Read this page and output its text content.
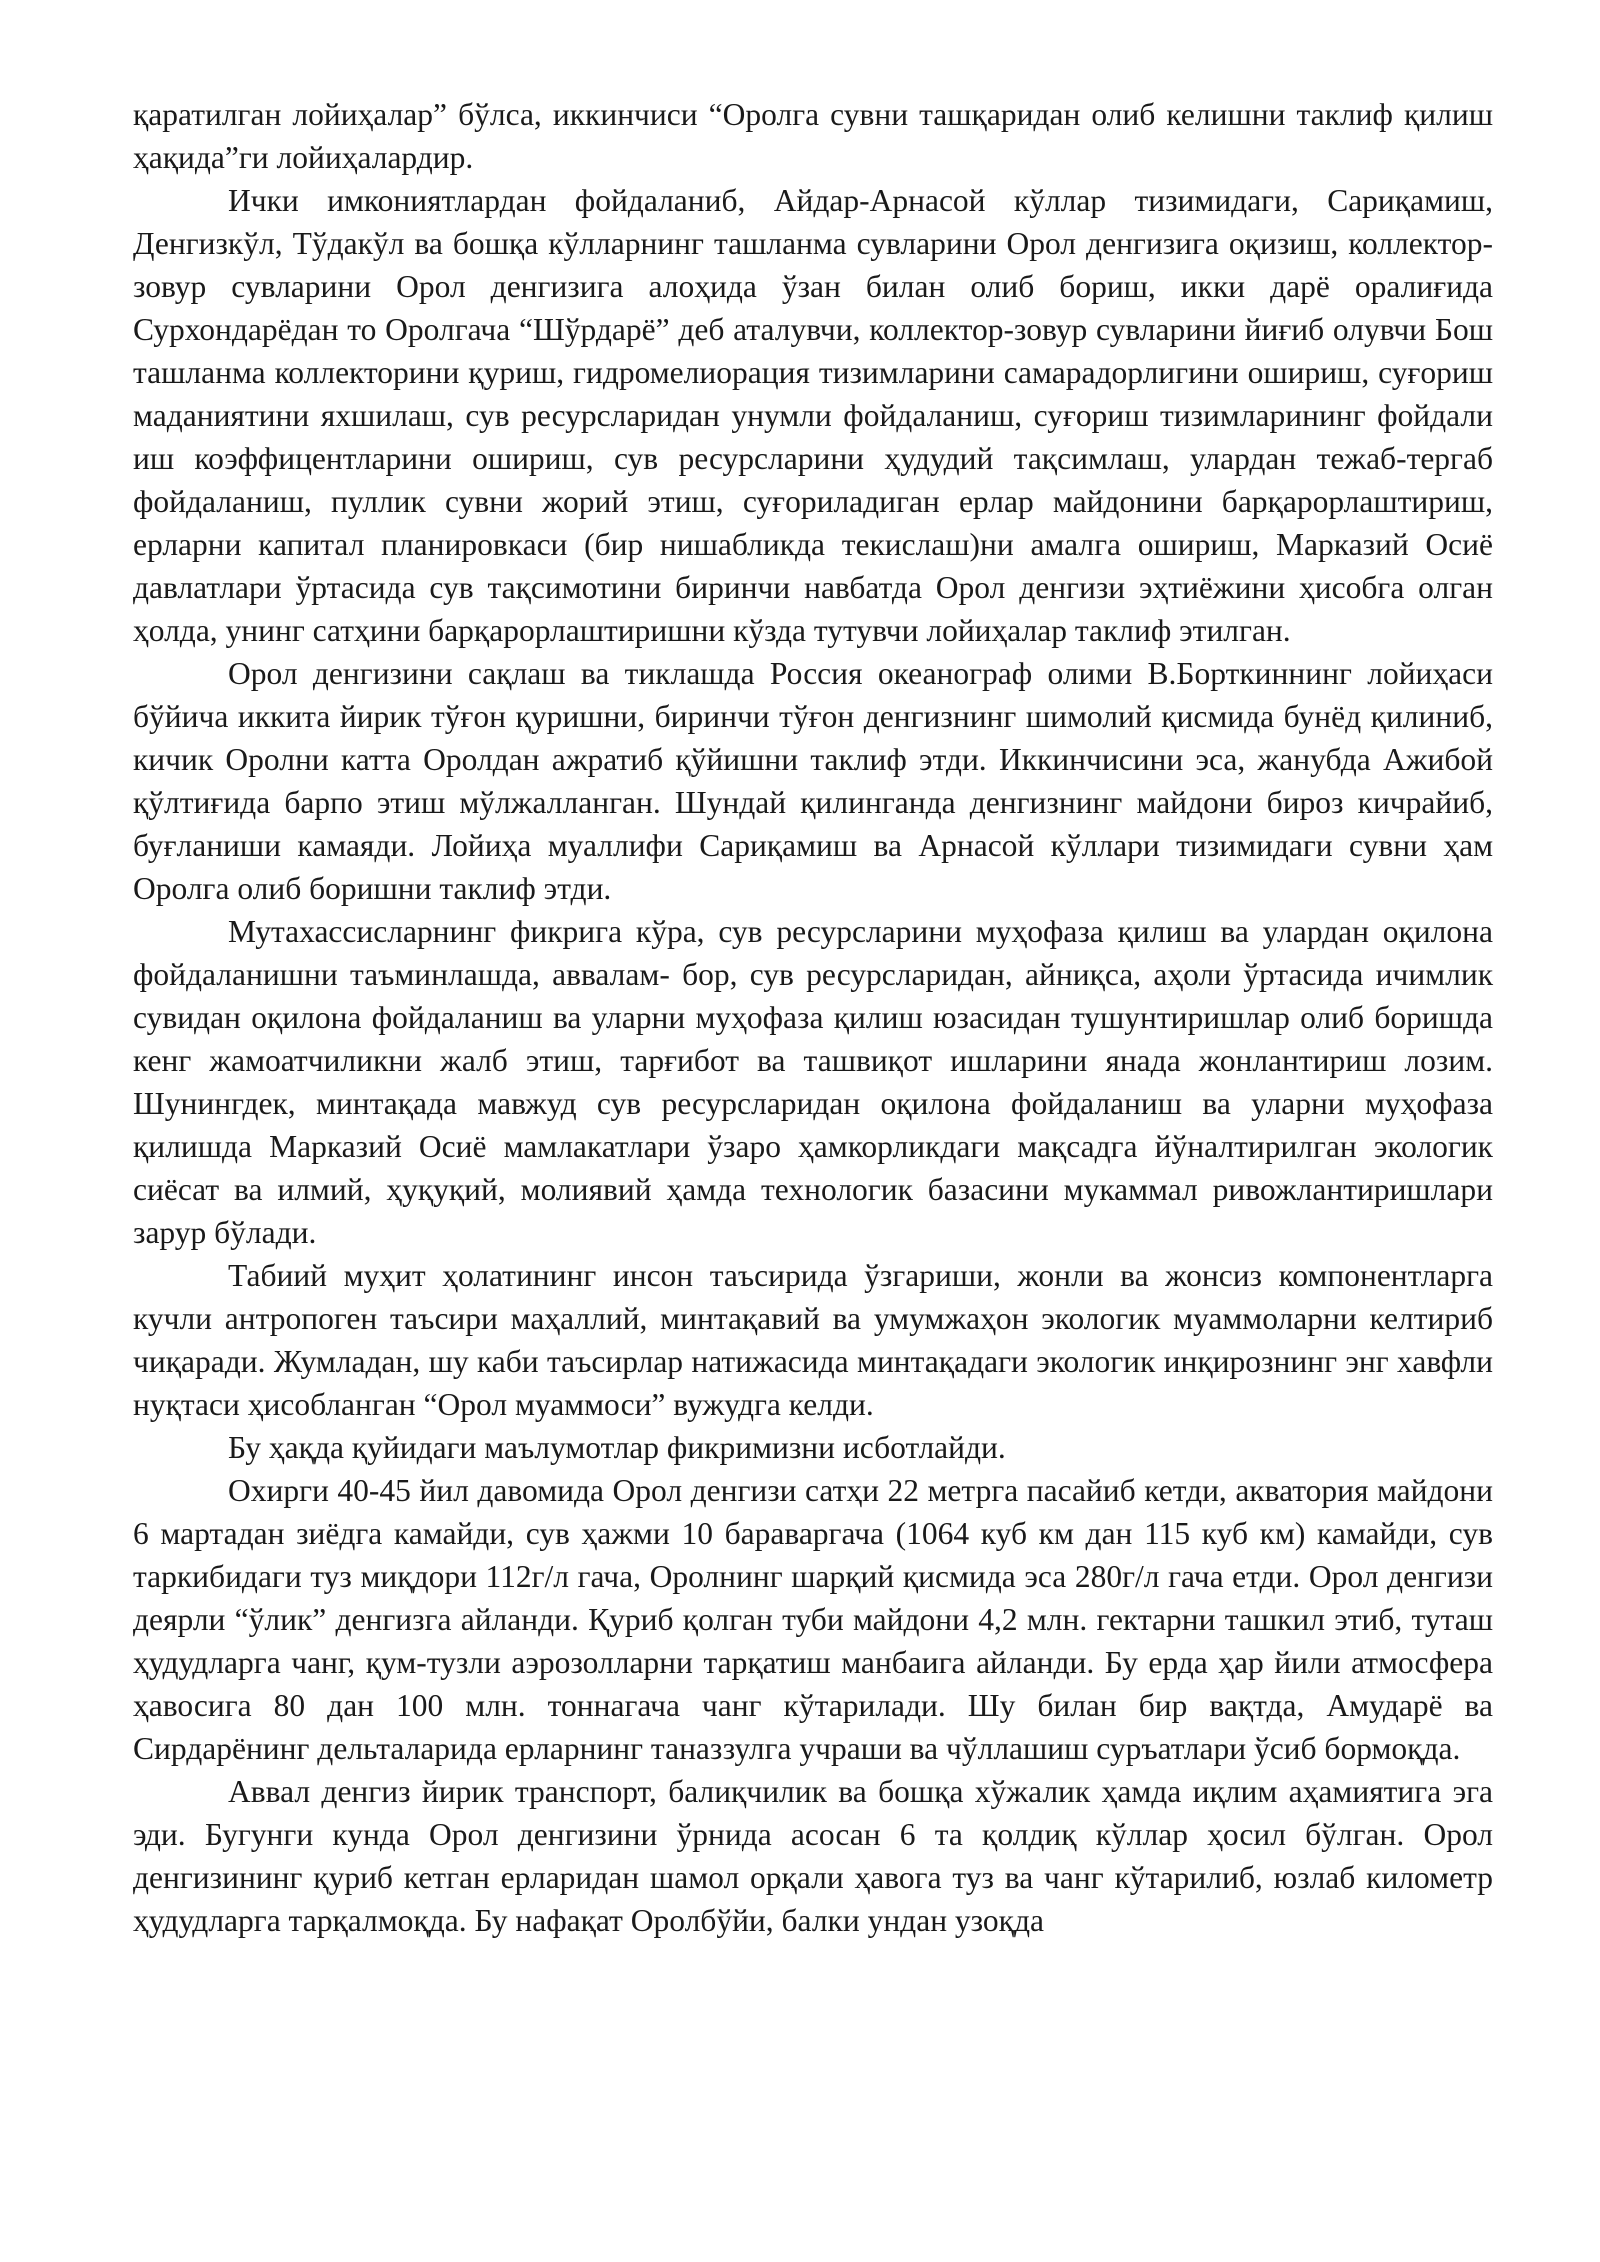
қаратилган лойиҳалар” бўлса, иккинчиси “Оролга сувни ташқаридан олиб келишни таклиф қилиш ҳақида”ги лойиҳалардир.

Ички имкониятлардан фойдаланиб, Айдар-Арнасой кўллар тизимидаги, Сариқамиш, Денгизкўл, Тўдакўл ва бошқа кўлларнинг ташланма сувларини Орол денгизига оқизиш, коллектор-зовур сувларини Орол денгизига алоҳида ўзан билан олиб бориш, икки дарё оралиғида Сурхондарёдан то Оролгача “Шўрдарё” деб аталувчи, коллектор-зовур сувларини йиғиб олувчи Бош ташланма коллекторини қуриш, гидромелиорация тизимларини самарадорлигини ошириш, суғориш маданиятини яхшилаш, сув ресурсларидан унумли фойдаланиш, суғориш тизимларининг фойдали иш коэффицентларини ошириш, сув ресурсларини ҳудудий тақсимлаш, улардан тежаб-тергаб фойдаланиш, пуллик сувни жорий этиш, суғориладиган ерлар майдонини барқарорлаштириш, ерларни капитал планировкаси (бир нишабликда текислаш)ни амалга ошириш, Марказий Осиё давлатлари ўртасида сув тақсимотини биринчи навбатда Орол денгизи эҳтиёжини ҳисобга олган ҳолда, унинг сатҳини барқарорлаштиришни кўзда тутувчи лойиҳалар таклиф этилган.

Орол денгизини сақлаш ва тиклашда Россия океанограф олими В.Борткиннинг лойиҳаси бўйича иккита йирик тўғон қуришни, биринчи тўғон денгизнинг шимолий қисмида бунёд қилиниб, кичик Оролни катта Оролдан ажратиб қўйишни таклиф этди. Иккинчисини эса, жанубда Ажибой қўлтиғида барпо этиш мўлжалланган. Шундай қилинганда денгизнинг майдони бироз кичрайиб, буғланиши камаяди. Лойиҳа муаллифи Сариқамиш ва Арнасой кўллари тизимидаги сувни ҳам Оролга олиб боришни таклиф этди.

Мутахассисларнинг фикрига кўра, сув ресурсларини муҳофаза қилиш ва улардан оқилона фойдаланишни таъминлашда, аввалам- бор, сув ресурсларидан, айниқса, аҳоли ўртасида ичимлик сувидан оқилона фойдаланиш ва уларни муҳофаза қилиш юзасидан тушунтиришлар олиб боришда кенг жамоатчиликни жалб этиш, тарғибот ва ташвиқот ишларини янада жонлантириш лозим. Шунингдек, минтақада мавжуд сув ресурсларидан оқилона фойдаланиш ва уларни муҳофаза қилишда Марказий Осиё мамлакатлари ўзаро ҳамкорликдаги мақсадга йўналтирилган экологик сиёсат ва илмий, ҳуқуқий, молиявий ҳамда технологик базасини мукаммал ривожлантиришлари зарур бўлади.

Табиий муҳит ҳолатининг инсон таъсирида ўзгариши, жонли ва жонсиз компонентларга кучли антропоген таъсири маҳаллий, минтақавий ва умумжаҳон экологик муаммоларни келтириб чиқаради. Жумладан, шу каби таъсирлар натижасида минтақадаги экологик инқирознинг энг хавфли нуқтаси ҳисобланган “Орол муаммоси” вужудга келди.

Бу ҳақда қуйидаги маълумотлар фикримизни исботлайди.

Охирги 40-45 йил давомида Орол денгизи сатҳи 22 метрга пасайиб кетди, акватория майдони 6 мартадан зиёдга камайди, сув ҳажми 10 бараваргача (1064 куб км дан 115 куб км) камайди, сув таркибидаги туз миқдори 112г/л гача, Оролнинг шарқий қисмида эса 280г/л гача етди. Орол денгизи деярли “ўлик” денгизга айланди. Қуриб қолган туби майдони 4,2 млн. гектарни ташкил этиб, туташ ҳудудларга чанг, қум-тузли аэрозолларни тарқатиш манбаига айланди. Бу ерда ҳар йили атмосфера ҳавосига 80 дан 100 млн. тоннагача чанг кўтарилади. Шу билан бир вақтда, Амударё ва Сирдарёнинг дельталарида ерларнинг таназзулга учраши ва чўллашиш суръатлари ўсиб бормоқда.

Аввал денгиз йирик транспорт, балиқчилик ва бошқа хўжалик ҳамда иқлим аҳамиятига эга эди. Бугунги кунда Орол денгизини ўрнида асосан 6 та қолдиқ кўллар ҳосил бўлган. Орол денгизининг қуриб кетган ерларидан шамол орқали ҳавога туз ва чанг кўтарилиб, юзлаб километр ҳудудларга тарқалмоқда. Бу нафақат Оролбўйи, балки ундан узоқда
